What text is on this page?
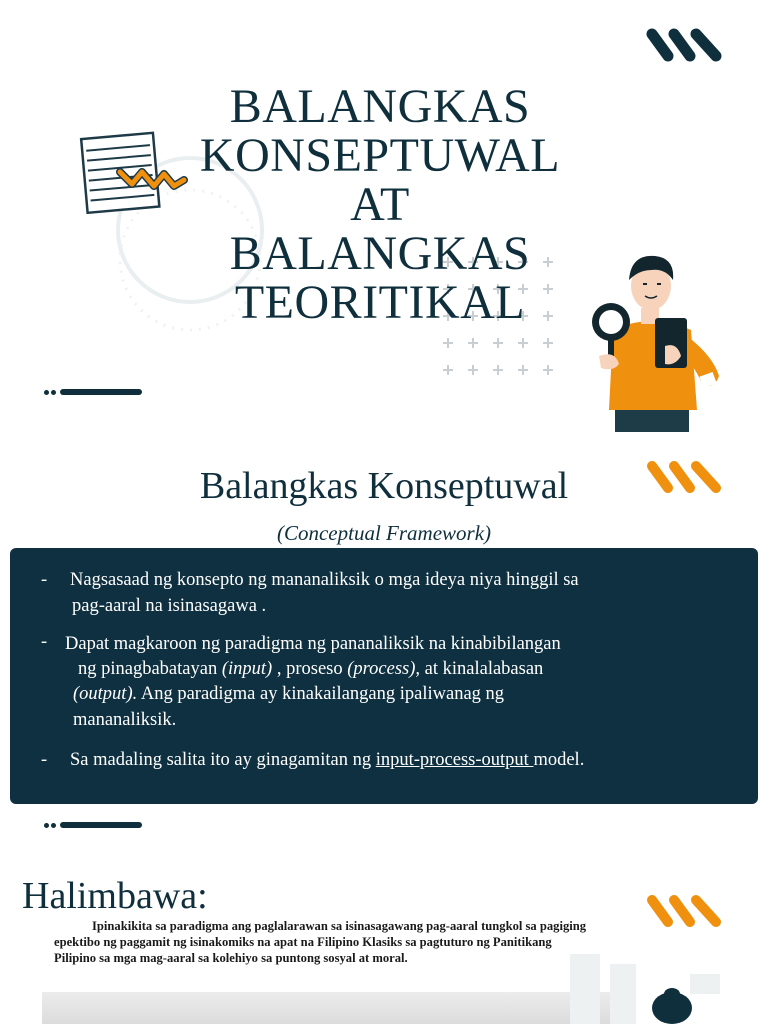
BALANGKAS
KONSEPTUWAL
AT
BALANGKAS
TEORITIKAL
Balangkas Konseptuwal
(Conceptual Framework)
- Nagsasaad ng konsepto ng mananaliksik o mga ideya niya hinggil sa
pag-aaral na isinasagawa .
- Dapat magkaroon ng paradigma ng pananaliksik na kinabibilangan
ng pinagbabatayan (input) , proseso (process), at kinalalabasan
(output). Ang paradigma ay kinakailangang ipaliwanag ng
mananaliksik.
- Sa madaling salita ito ay ginagamitan ng input-process-output model.
Halimbawa:
Ipinakikita sa paradigma ang paglalarawan sa isinasagawang pag-aaral tungkol sa pagiging epektibo ng paggamit ng isinakomiks na apat na Filipino Klasiks sa pagtuturo ng Panitikang Pilipino sa mga mag-aaral sa kolehiyo sa puntong sosyal at moral.
